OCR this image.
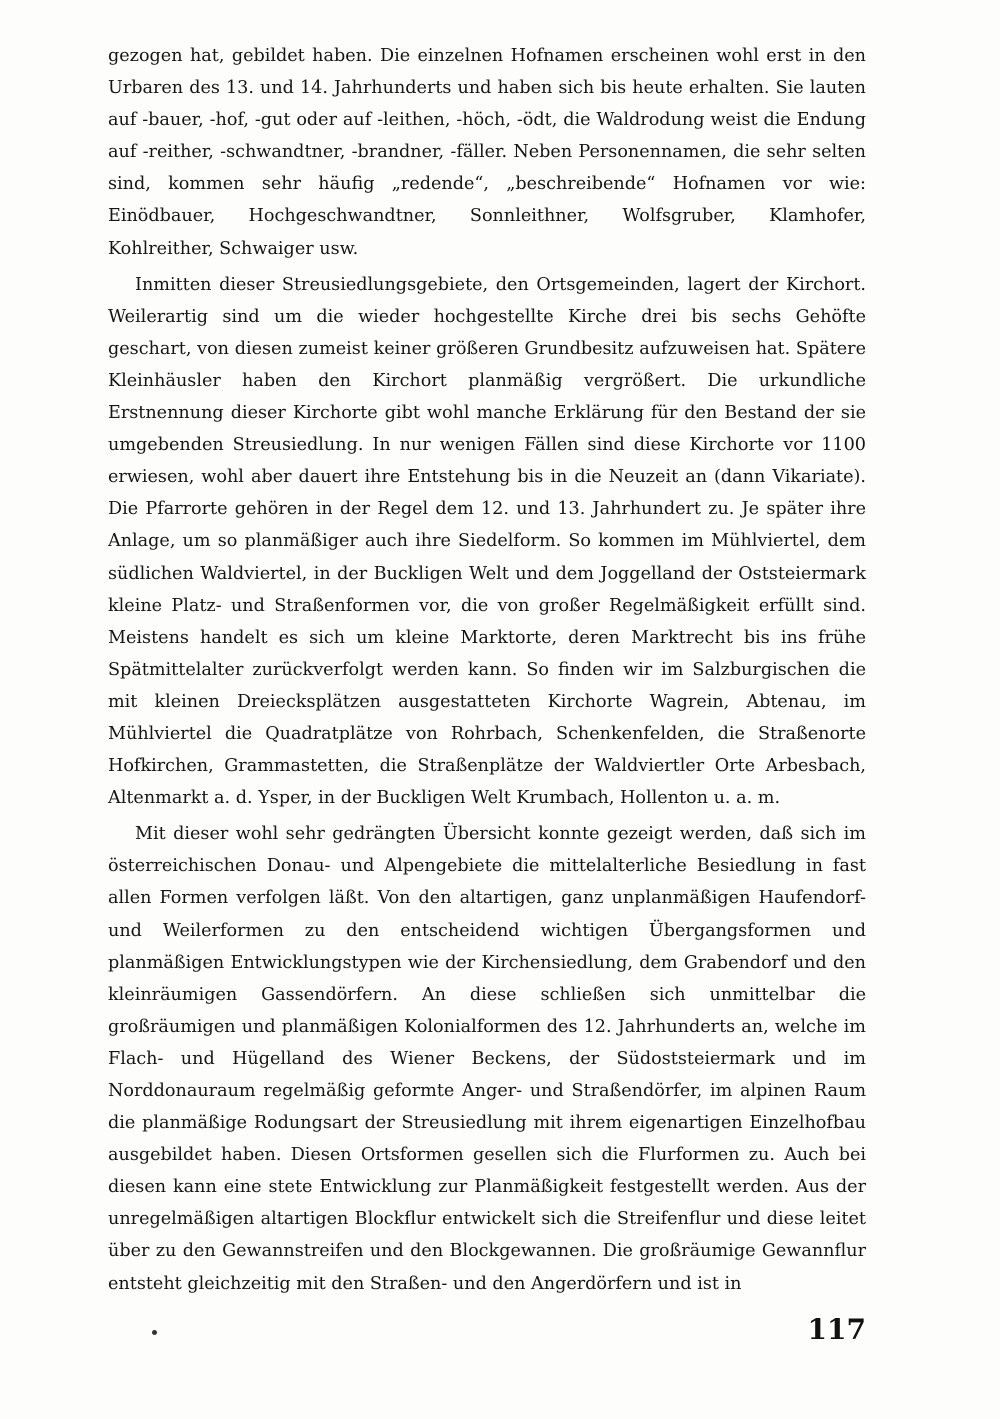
gezogen hat, gebildet haben. Die einzelnen Hofnamen erscheinen wohl erst in den Urbaren des 13. und 14. Jahrhunderts und haben sich bis heute erhalten. Sie lauten auf -bauer, -hof, -gut oder auf -leithen, -höch, -ödt, die Waldrodung weist die Endung auf -reither, -schwandtner, -brandner, -fäller. Neben Personennamen, die sehr selten sind, kommen sehr häufig „redende“, „beschreibende“ Hofnamen vor wie: Einödbauer, Hochgeschwandtner, Sonnleithner, Wolfsgruber, Klamhofer, Kohlreither, Schwaiger usw.

Inmitten dieser Streusiedlungsgebiete, den Ortsgemeinden, lagert der Kirchort. Weilerartig sind um die wieder hochgestellte Kirche drei bis sechs Gehöfte geschart, von diesen zumeist keiner größeren Grundbesitz aufzuweisen hat. Spätere Kleinhäusler haben den Kirchort planmäßig vergrößert. Die urkundliche Erstnennung dieser Kirchorte gibt wohl manche Erklärung für den Bestand der sie umgebenden Streusiedlung. In nur wenigen Fällen sind diese Kirchorte vor 1100 erwiesen, wohl aber dauert ihre Entstehung bis in die Neuzeit an (dann Vikariate). Die Pfarrorte gehören in der Regel dem 12. und 13. Jahrhundert zu. Je später ihre Anlage, um so planmäßiger auch ihre Siedelform. So kommen im Mühlviertel, dem südlichen Waldviertel, in der Buckligen Welt und dem Joggelland der Oststeiermark kleine Platz- und Straßenformen vor, die von großer Regelmäßigkeit erfüllt sind. Meistens handelt es sich um kleine Marktorte, deren Marktrecht bis ins frühe Spätmittelalter zurückverfolgt werden kann. So finden wir im Salzburgischen die mit kleinen Dreiecksplätzen ausgestatteten Kirchorte Wagrein, Abtenau, im Mühlviertel die Quadratplätze von Rohrbach, Schenkenfelden, die Straßenorte Hofkirchen, Grammastetten, die Straßenplätze der Waldviertler Orte Arbesbach, Altenmarkt a. d. Ysper, in der Buckligen Welt Krumbach, Hollenton u. a. m.

Mit dieser wohl sehr gedrängten Übersicht konnte gezeigt werden, daß sich im österreichischen Donau- und Alpengebiete die mittelalterliche Besiedlung in fast allen Formen verfolgen läßt. Von den altartigen, ganz unplanmäßigen Haufendorf- und Weilerformen zu den entscheidend wichtigen Übergangsformen und planmäßigen Entwicklungstypen wie der Kirchensiedlung, dem Grabendorf und den kleinräumigen Gassendörfern. An diese schließen sich unmittelbar die großräumigen und planmäßigen Kolonialformen des 12. Jahrhunderts an, welche im Flach- und Hügelland des Wiener Beckens, der Südoststeiermark und im Norddonauraum regelmäßig geformte Anger- und Straßendörfer, im alpinen Raum die planmäßige Rodungsart der Streusiedlung mit ihrem eigenartigen Einzelhofbau ausgebildet haben. Diesen Ortsformen gesellen sich die Flurformen zu. Auch bei diesen kann eine stete Entwicklung zur Planmäßigkeit festgestellt werden. Aus der unregelmäßigen altartigen Blockflur entwickelt sich die Streifenflur und diese leitet über zu den Gewannstreifen und den Blockgewannen. Die großräumige Gewannflur entsteht gleichzeitig mit den Straßen- und den Angerdörfern und ist in

117
